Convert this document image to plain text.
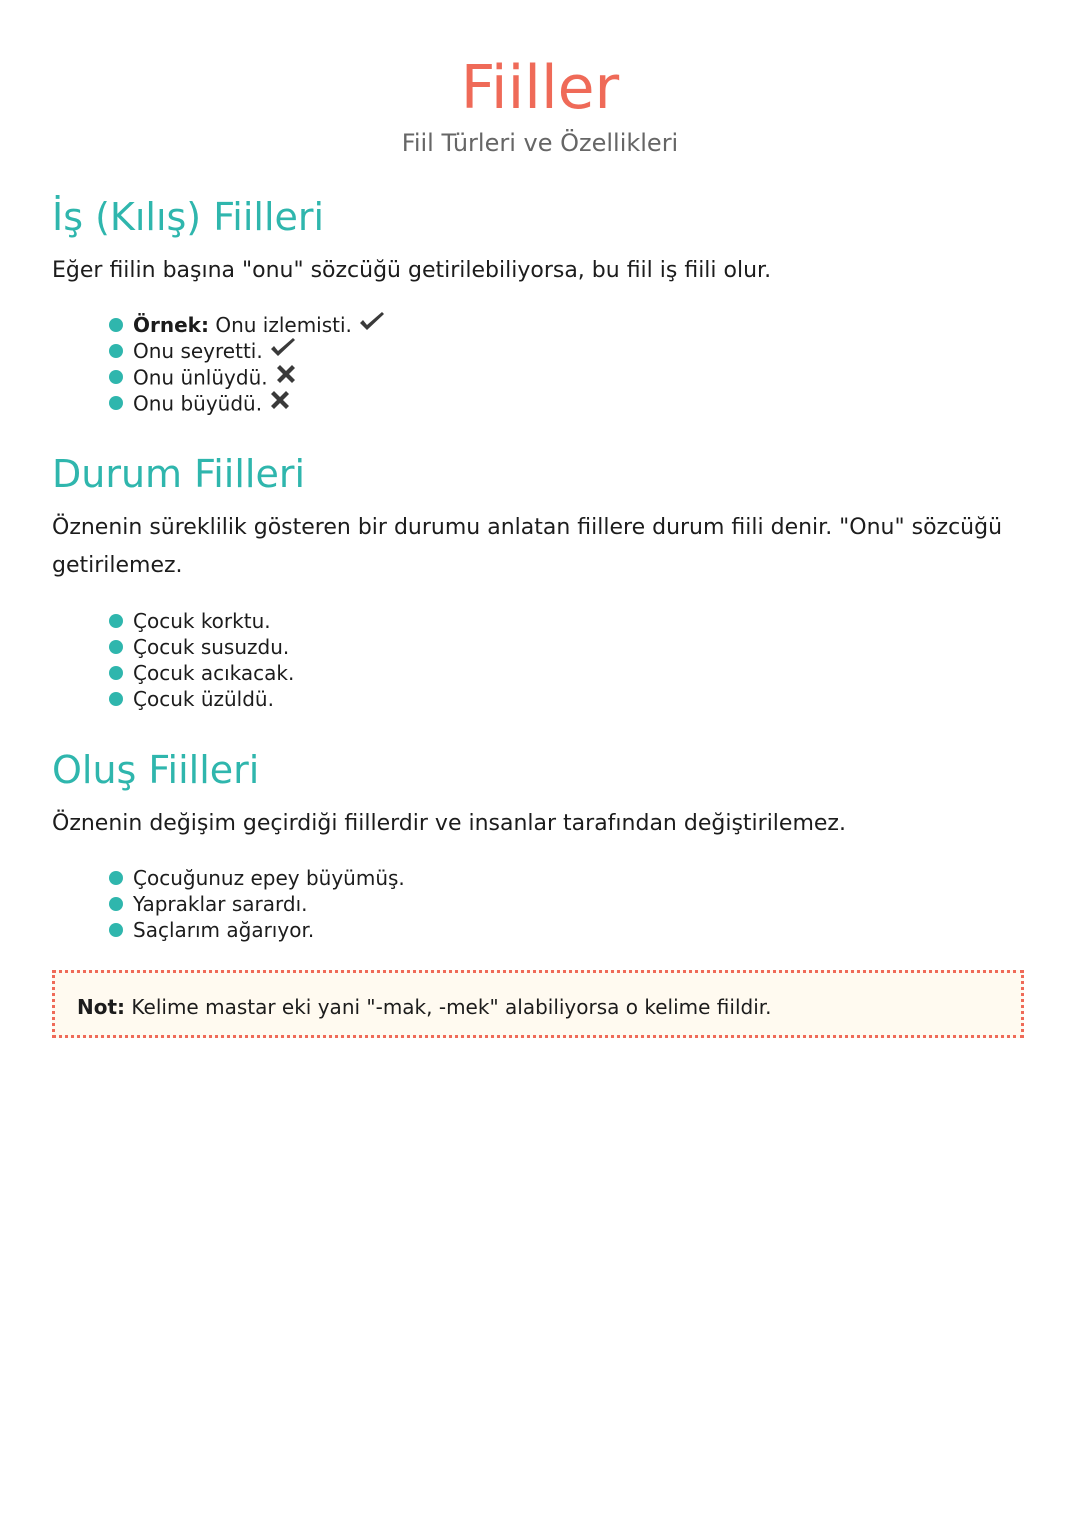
Fiiller

Fiil Türleri ve Özellikleri

İş (Kılış) Fiilleri

Eğer fiilin başına "onu" sözcüğü getirilebiliyorsa, bu fiil iş fiili olur.

Örnek: Onu izlemisti.
Onu seyretti.
Onu ünlüydü.
Onu büyüdü.
Durum Fiilleri

Öznenin süreklilik gösteren bir durumu anlatan fiillere durum fiili denir. "Onu" sözcüğü getirilemez.

Çocuk korktu.
Çocuk susuzdu.
Çocuk acıkacak.
Çocuk üzüldü.
Oluş Fiilleri

Öznenin değişim geçirdiği fiillerdir ve insanlar tarafından değiştirilemez.

Çocuğunuz epey büyümüş.
Yapraklar sarardı.
Saçlarım ağarıyor.
Not: Kelime mastar eki yani "-mak, -mek" alabiliyorsa o kelime fiildir.
